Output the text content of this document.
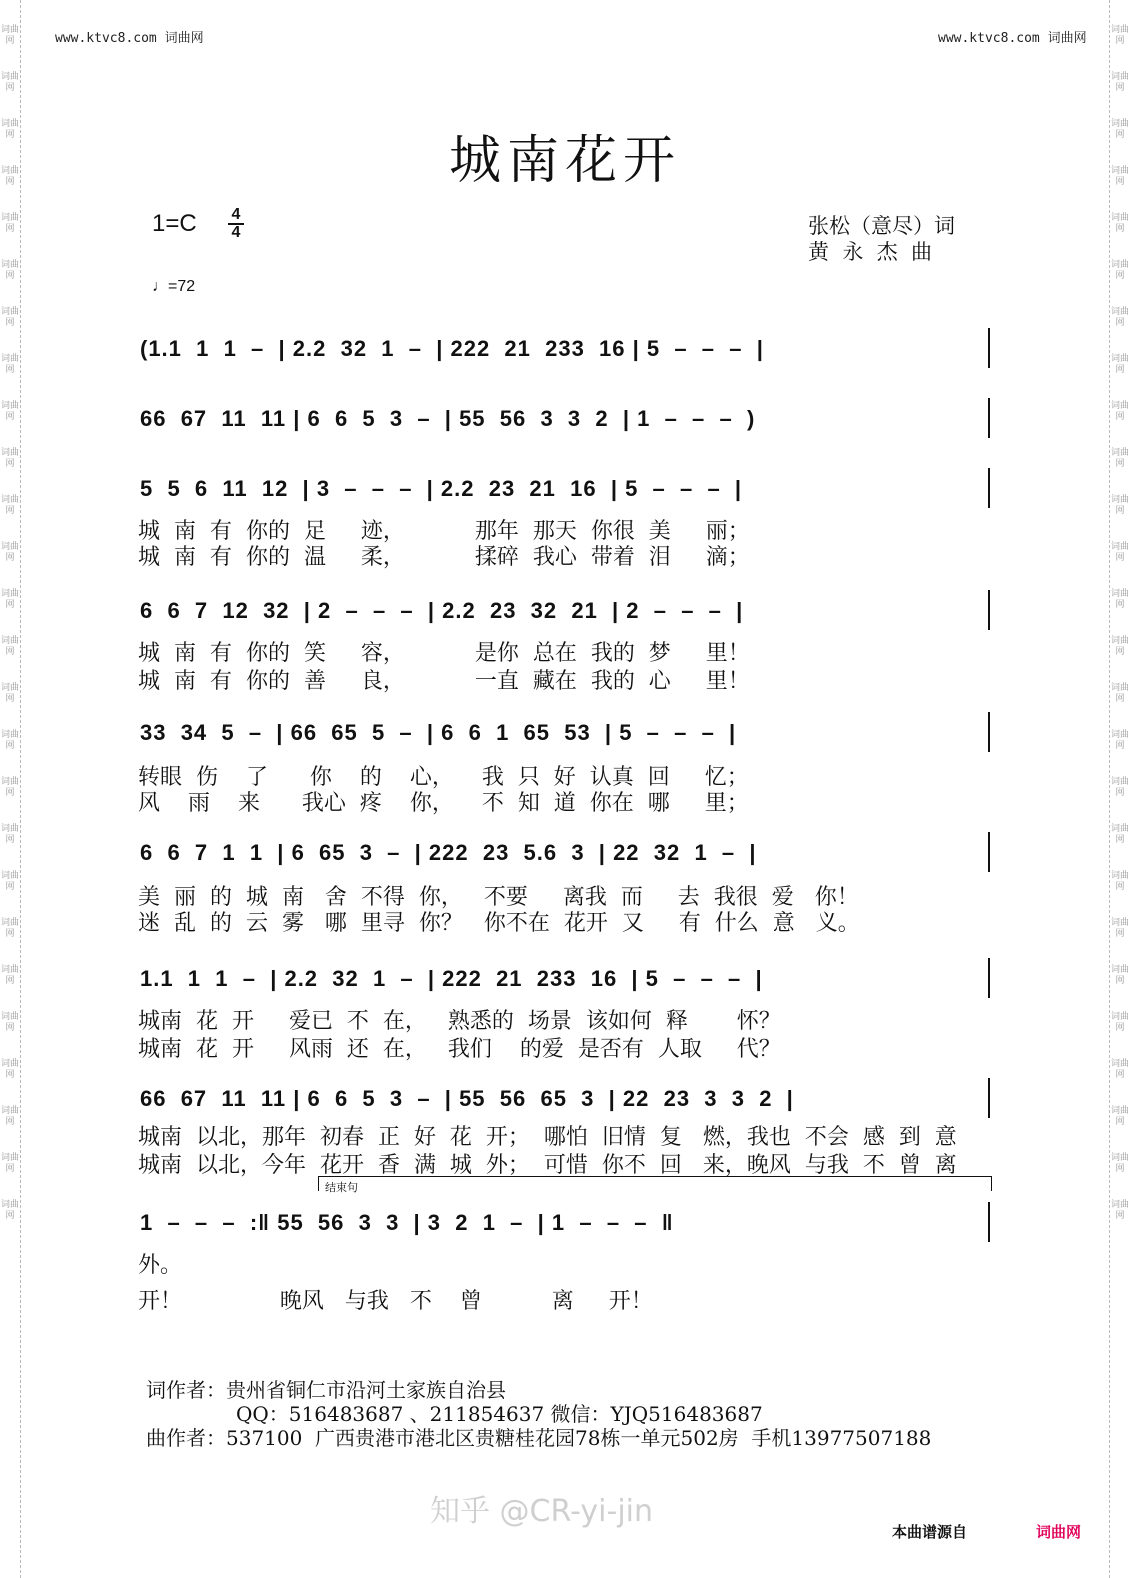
词曲网
词曲网
词曲网
词曲网
词曲网
词曲网
词曲网
词曲网
词曲网
词曲网
词曲网
词曲网
词曲网
词曲网
词曲网
词曲网
词曲网
词曲网
词曲网
词曲网
词曲网
词曲网
词曲网
词曲网
词曲网
词曲网
词曲网
词曲网
词曲网
词曲网
词曲网
词曲网
词曲网
词曲网
词曲网
词曲网
词曲网
词曲网
词曲网
词曲网
词曲网
词曲网
词曲网
词曲网
词曲网
词曲网
词曲网
词曲网
词曲网
词曲网
词曲网
词曲网
www.ktvc8.com 词曲网	www.ktvc8.com 词曲网
城南花开
1=C 4
4
♩=72
张松（意尽）词
黄  永  杰  曲
(1.1  1  1  –  | 2.2  32  1  –  | 222  21  233  16 | 5  –  –  –  |
66  67  11  11 | 6  6  5  3  –  | 55  56  3  3  2  | 1  –  –  –  )
5  5  6  11  12  | 3  –  –  –  | 2.2  23  21  16  | 5  –  –  –  |
城  南  有  你的  足     迹，          那年  那天  你很  美     丽；
城  南  有  你的  温     柔，          揉碎  我心  带着  泪     滴；
6  6  7  12  32  | 2  –  –  –  | 2.2  23  32  21  | 2  –  –  –  |
城  南  有  你的  笑     容，          是你  总在  我的  梦     里！
城  南  有  你的  善     良，          一直  藏在  我的  心     里！
33  34  5  –  | 66  65  5  –  | 6  6  1  65  53  | 5  –  –  –  |
转眼  伤    了      你    的    心，    我  只  好  认真  回     忆；
风    雨    来      我心  疼    你，    不  知  道  你在  哪     里；
6  6  7  1  1  | 6  65  3  –  | 222  23  5.6  3  | 22  32  1  –  |
美  丽  的  城  南   舍  不得  你，   不要     离我  而     去  我很  爱   你！
迷  乱  的  云  雾   哪  里寻  你？   你不在  花开  又     有  什么  意   义。
1.1  1  1  –  | 2.2  32  1  –  | 222  21  233  16  | 5  –  –  –  |
城南  花  开     爱已  不  在，   熟悉的  场景  该如何  释       怀？
城南  花  开     风雨  还  在，   我们    的爱  是否有  人取     代？
66  67  11  11 | 6  6  5  3  –  | 55  56  65  3  | 22  23  3  3  2  |
城南  以北，那年  初春  正  好  花  开；  哪怕  旧情  复   燃，我也  不会  感  到  意
城南  以北，今年  花开  香  满  城  外；  可惜  你不  回   来，晚风  与我  不  曾  离
1  –  –  –  :‖ 55  56  3  3  | 3  2  1  –  | 1  –  –  –  ‖
外。
开！              晚风   与我   不    曾          离     开！
结束句
词作者：贵州省铜仁市沿河土家族自治县
QQ：516483687 、211854637 微信：YJQ516483687
曲作者：537100  广西贵港市港北区贵糖桂花园78栋一单元502房  手机13977507188
知乎 @CR-yi-jin
本曲谱源自	词曲网
